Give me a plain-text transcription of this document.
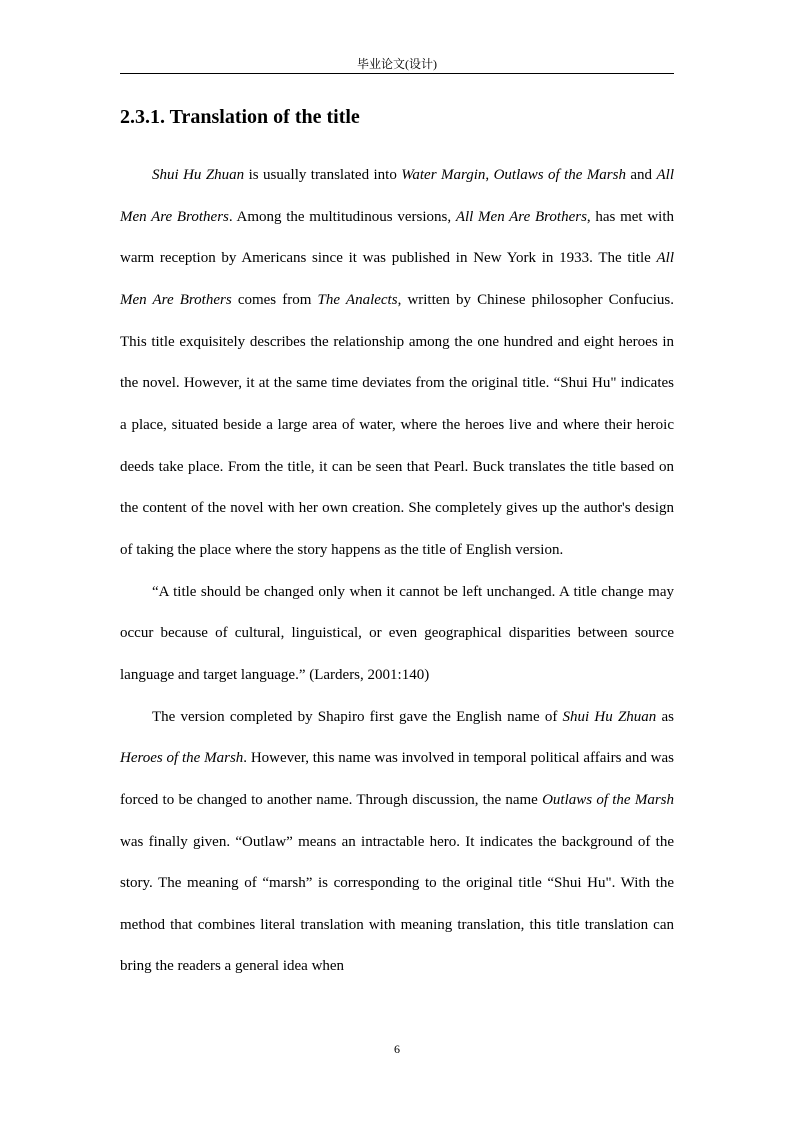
毕业论文(设计)
2.3.1. Translation of the title

Shui Hu Zhuan is usually translated into Water Margin, Outlaws of the Marsh and All Men Are Brothers. Among the multitudinous versions, All Men Are Brothers, has met with warm reception by Americans since it was published in New York in 1933. The title All Men Are Brothers comes from The Analects, written by Chinese philosopher Confucius. This title exquisitely describes the relationship among the one hundred and eight heroes in the novel. However, it at the same time deviates from the original title. “Shui Hu" indicates a place, situated beside a large area of water, where the heroes live and where their heroic deeds take place. From the title, it can be seen that Pearl. Buck translates the title based on the content of the novel with her own creation. She completely gives up the author's design of taking the place where the story happens as the title of English version.

“A title should be changed only when it cannot be left unchanged. A title change may occur because of cultural, linguistical, or even geographical disparities between source language and target language.” (Larders, 2001:140)

The version completed by Shapiro first gave the English name of Shui Hu Zhuan as Heroes of the Marsh. However, this name was involved in temporal political affairs and was forced to be changed to another name. Through discussion, the name Outlaws of the Marsh was finally given. “Outlaw” means an intractable hero. It indicates the background of the story. The meaning of “marsh” is corresponding to the original title “Shui Hu". With the method that combines literal translation with meaning translation, this title translation can bring the readers a general idea when

6
